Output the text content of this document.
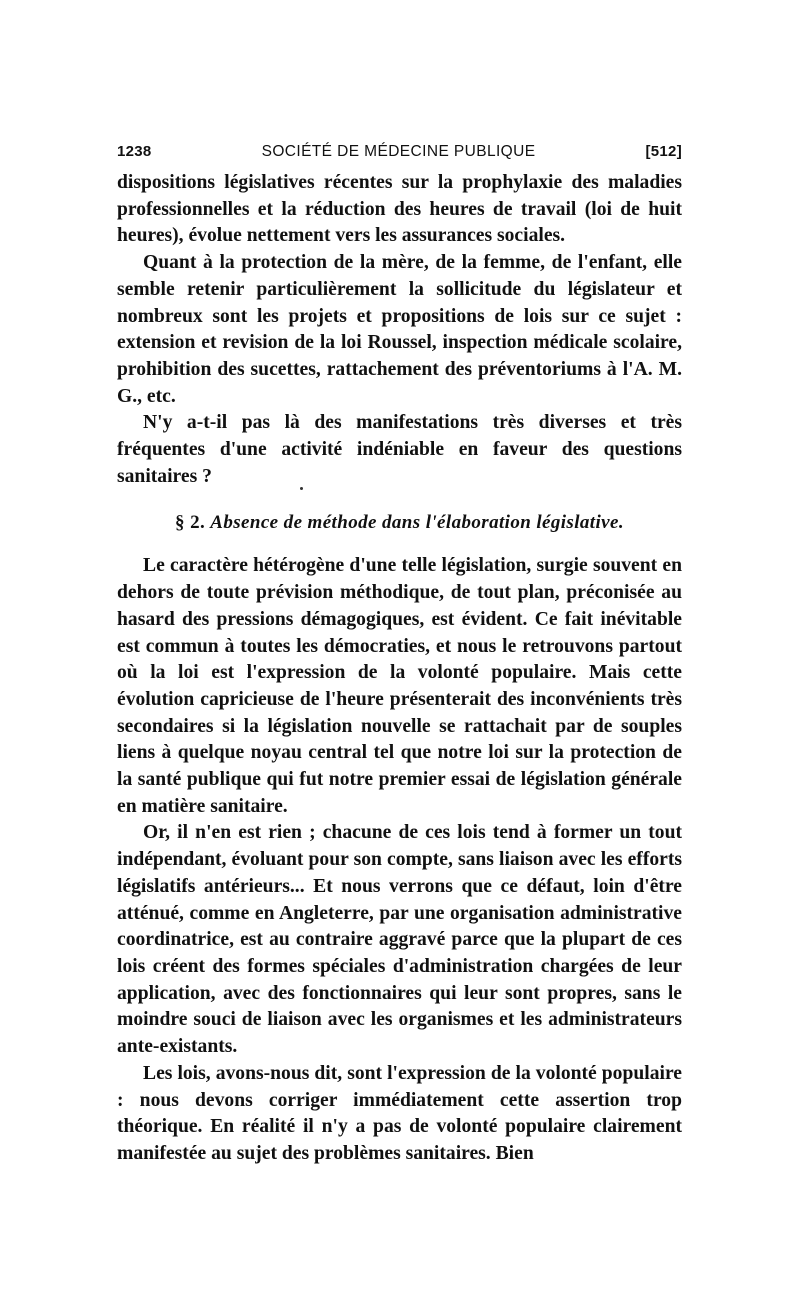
1238	SOCIÉTÉ DE MÉDECINE PUBLIQUE	[512]

dispositions législatives récentes sur la prophylaxie des maladies professionnelles et la réduction des heures de travail (loi de huit heures), évolue nettement vers les assurances sociales.

Quant à la protection de la mère, de la femme, de l'enfant, elle semble retenir particulièrement la sollicitude du législateur et nombreux sont les projets et propositions de lois sur ce sujet : extension et revision de la loi Roussel, inspection médicale scolaire, prohibition des sucettes, rattachement des préventoriums à l'A. M. G., etc.

N'y a-t-il pas là des manifestations très diverses et très fréquentes d'une activité indéniable en faveur des questions sanitaires ?

§ 2. Absence de méthode dans l'élaboration législative.

Le caractère hétérogène d'une telle législation, surgie souvent en dehors de toute prévision méthodique, de tout plan, préconisée au hasard des pressions démagogiques, est évident. Ce fait inévitable est commun à toutes les démocraties, et nous le retrouvons partout où la loi est l'expression de la volonté populaire. Mais cette évolution capricieuse de l'heure présenterait des inconvénients très secondaires si la législation nouvelle se rattachait par de souples liens à quelque noyau central tel que notre loi sur la protection de la santé publique qui fut notre premier essai de législation générale en matière sanitaire.

Or, il n'en est rien ; chacune de ces lois tend à former un tout indépendant, évoluant pour son compte, sans liaison avec les efforts législatifs antérieurs... Et nous verrons que ce défaut, loin d'être atténué, comme en Angleterre, par une organisation administrative coordinatrice, est au contraire aggravé parce que la plupart de ces lois créent des formes spéciales d'administration chargées de leur application, avec des fonctionnaires qui leur sont propres, sans le moindre souci de liaison avec les organismes et les administrateurs ante-existants.

Les lois, avons-nous dit, sont l'expression de la volonté populaire : nous devons corriger immédiatement cette assertion trop théorique. En réalité il n'y a pas de volonté populaire clairement manifestée au sujet des problèmes sanitaires. Bien
